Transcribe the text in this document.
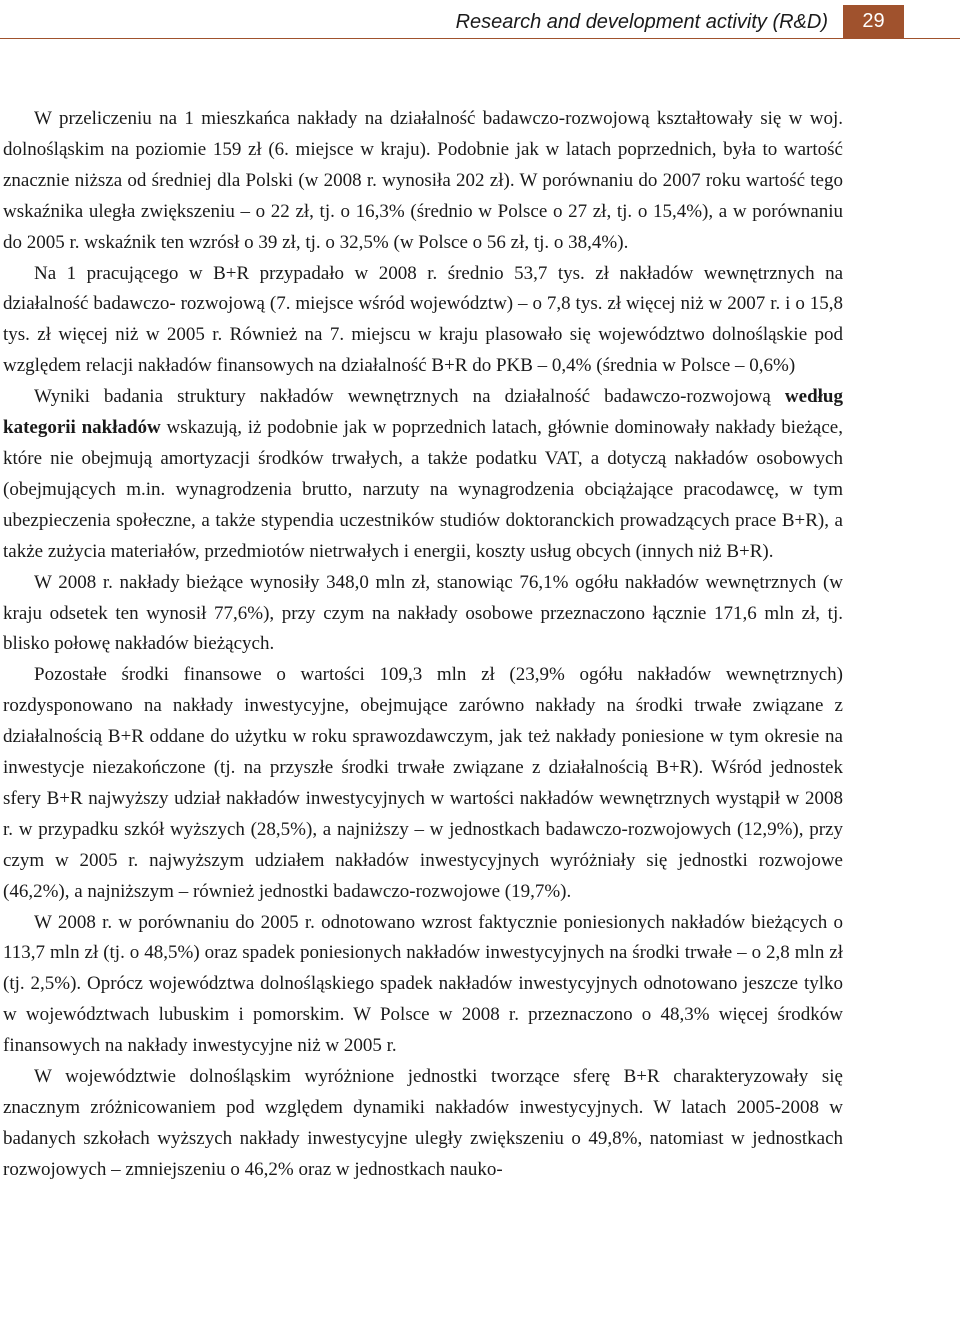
Research and development activity (R&D)	29

W przeliczeniu na 1 mieszkańca nakłady na działalność badawczo-rozwojową kształtowały się w woj. dolnośląskim na poziomie 159 zł (6. miejsce w kraju). Podobnie jak w latach poprzednich, była to wartość znacznie niższa od średniej dla Polski (w 2008 r. wynosiła 202 zł). W porównaniu do 2007 roku wartość tego wskaźnika uległa zwiększeniu – o 22 zł, tj. o 16,3% (średnio w Polsce o 27 zł, tj. o 15,4%), a w porównaniu do 2005 r. wskaźnik ten wzrósł o 39 zł, tj. o 32,5% (w Polsce o 56 zł, tj. o 38,4%).

Na 1 pracującego w B+R przypadało w 2008 r. średnio 53,7 tys. zł nakładów wewnętrznych na działalność badawczo- rozwojową (7. miejsce wśród województw) – o 7,8 tys. zł więcej niż w 2007 r. i o 15,8 tys. zł więcej niż w 2005 r. Również na 7. miejscu w kraju plasowało się województwo dolnośląskie pod względem relacji nakładów finansowych na działalność B+R do PKB – 0,4% (średnia w Polsce – 0,6%)

Wyniki badania struktury nakładów wewnętrznych na działalność badawczo-rozwojową według kategorii nakładów wskazują, iż podobnie jak w poprzednich latach, głównie dominowały nakłady bieżące, które nie obejmują amortyzacji środków trwałych, a także podatku VAT, a dotyczą nakładów osobowych (obejmujących m.in. wynagrodzenia brutto, narzuty na wynagrodzenia obciążające pracodawcę, w tym ubezpieczenia społeczne, a także stypendia uczestników studiów doktoranckich prowadzących prace B+R), a także zużycia materiałów, przedmiotów nietrwałych i energii, koszty usług obcych (innych niż B+R).

W 2008 r. nakłady bieżące wynosiły 348,0 mln zł, stanowiąc 76,1% ogółu nakładów wewnętrznych (w kraju odsetek ten wynosił 77,6%), przy czym na nakłady osobowe przeznaczono łącznie 171,6 mln zł, tj. blisko połowę nakładów bieżących.

Pozostałe środki finansowe o wartości 109,3 mln zł (23,9% ogółu nakładów wewnętrznych) rozdysponowano na nakłady inwestycyjne, obejmujące zarówno nakłady na środki trwałe związane z działalnością B+R oddane do użytku w roku sprawozdawczym, jak też nakłady poniesione w tym okresie na inwestycje niezakończone (tj. na przyszłe środki trwałe związane z działalnością B+R). Wśród jednostek sfery B+R najwyższy udział nakładów inwestycyjnych w wartości nakładów wewnętrznych wystąpił w 2008 r. w przypadku szkół wyższych (28,5%), a najniższy – w jednostkach badawczo-rozwojowych (12,9%), przy czym w 2005 r. najwyższym udziałem nakładów inwestycyjnych wyróżniały się jednostki rozwojowe (46,2%), a najniższym – również jednostki badawczo-rozwojowe (19,7%).

W 2008 r. w porównaniu do 2005 r. odnotowano wzrost faktycznie poniesionych nakładów bieżących o 113,7 mln zł (tj. o 48,5%) oraz spadek poniesionych nakładów inwestycyjnych na środki trwałe – o 2,8 mln zł (tj. 2,5%). Oprócz województwa dolnośląskiego spadek nakładów inwestycyjnych odnotowano jeszcze tylko w województwach lubuskim i pomorskim. W Polsce w 2008 r. przeznaczono o 48,3% więcej środków finansowych na nakłady inwestycyjne niż w 2005 r.

W województwie dolnośląskim wyróżnione jednostki tworzące sferę B+R charakteryzowały się znacznym zróżnicowaniem pod względem dynamiki nakładów inwestycyjnych. W latach 2005-2008 w badanych szkołach wyższych nakłady inwestycyjne uległy zwiększeniu o 49,8%, natomiast w jednostkach rozwojowych – zmniejszeniu o 46,2% oraz w jednostkach nauko-
